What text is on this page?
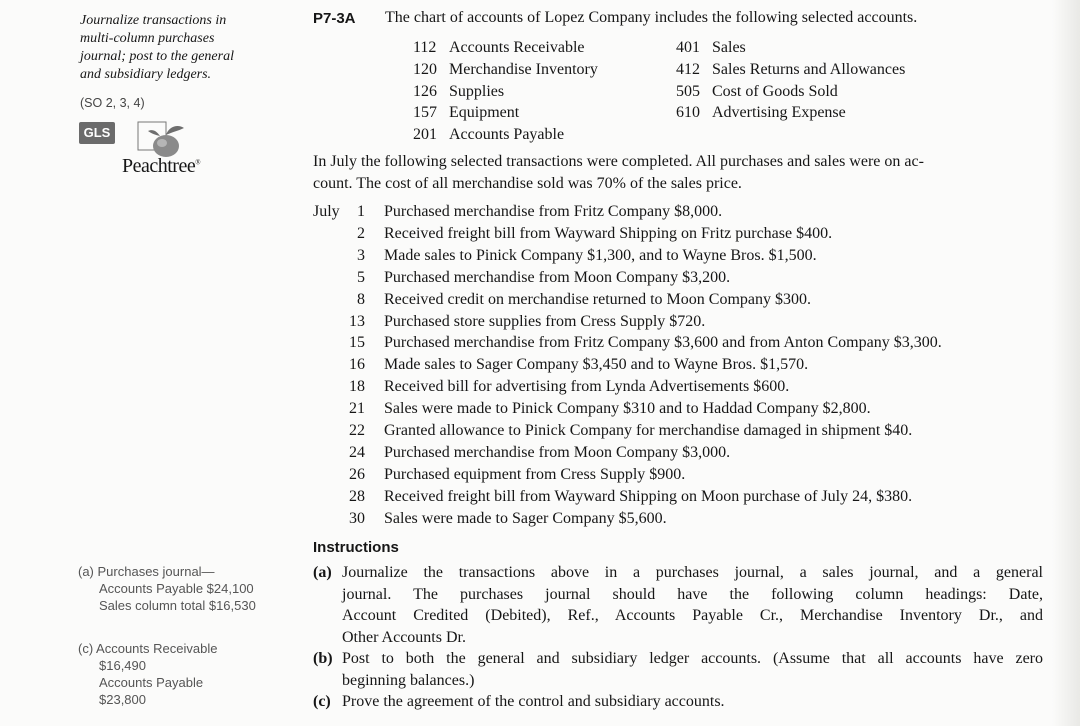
Journalize transactions in
multi-column purchases
journal; post to the general
and subsidiary ledgers.
(SO 2, 3, 4)
GLS
Peachtree®
(a) Purchases journal—
Accounts Payable $24,100
Sales column total $16,530
(c) Accounts Receivable
$16,490
Accounts Payable
$23,800
P7-3A The chart of accounts of Lopez Company includes the following selected accounts.
112 Accounts Receivable
120 Merchandise Inventory
126 Supplies
157 Equipment
201 Accounts Payable
401 Sales
412 Sales Returns and Allowances
505 Cost of Goods Sold
610 Advertising Expense
In July the following selected transactions were completed. All purchases and sales were on ac-
count. The cost of all merchandise sold was 70% of the sales price.
July	1 Purchased merchandise from Fritz Company $8,000.
2 Received freight bill from Wayward Shipping on Fritz purchase $400.
3 Made sales to Pinick Company $1,300, and to Wayne Bros. $1,500.
5 Purchased merchandise from Moon Company $3,200.
8 Received credit on merchandise returned to Moon Company $300.
13 Purchased store supplies from Cress Supply $720.
15 Purchased merchandise from Fritz Company $3,600 and from Anton Company $3,300.
16 Made sales to Sager Company $3,450 and to Wayne Bros. $1,570.
18 Received bill for advertising from Lynda Advertisements $600.
21 Sales were made to Pinick Company $310 and to Haddad Company $2,800.
22 Granted allowance to Pinick Company for merchandise damaged in shipment $40.
24 Purchased merchandise from Moon Company $3,000.
26 Purchased equipment from Cress Supply $900.
28 Received freight bill from Wayward Shipping on Moon purchase of July 24, $380.
30 Sales were made to Sager Company $5,600.
Instructions
(a) Journalize the transactions above in a purchases journal, a sales journal, and a general
journal. The purchases journal should have the following column headings: Date,
Account Credited (Debited), Ref., Accounts Payable Cr., Merchandise Inventory Dr., and
Other Accounts Dr.
(b) Post to both the general and subsidiary ledger accounts. (Assume that all accounts have zero
beginning balances.)
(c) Prove the agreement of the control and subsidiary accounts.
